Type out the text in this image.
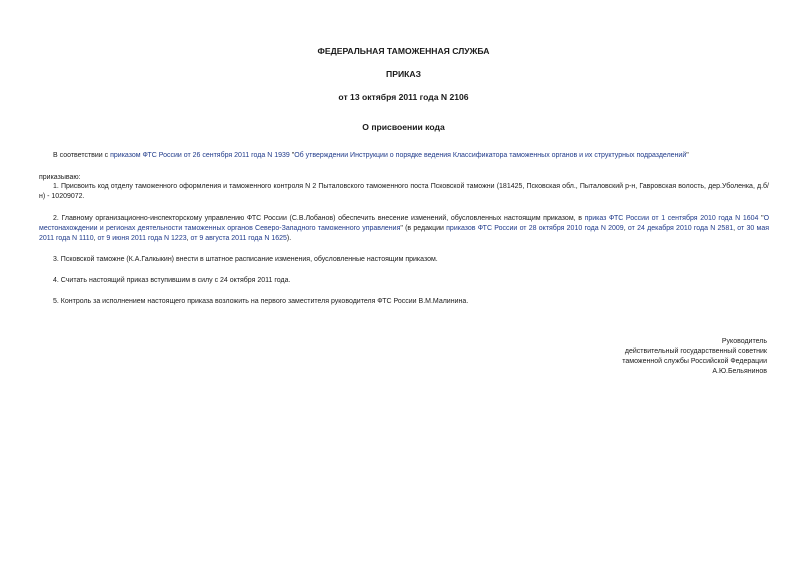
ФЕДЕРАЛЬНАЯ ТАМОЖЕННАЯ СЛУЖБА

ПРИКАЗ

от 13 октября 2011 года N 2106

О присвоении кода

В соответствии с приказом ФТС России от 26 сентября 2011 года N 1939 "Об утверждении Инструкции о порядке ведения Классификатора таможенных органов и их структурных подразделений"

приказываю:

1. Присвоить код отделу таможенного оформления и таможенного контроля N 2 Пыталовского таможенного поста Псковской таможни (181425, Псковская обл., Пыталовский р-н, Гавровская волость, дер.Уболенка, д.б/н) - 10209072.

2. Главному организационно-инспекторскому управлению ФТС России (С.В.Лобанов) обеспечить внесение изменений, обусловленных настоящим приказом, в приказ ФТС России от 1 сентября 2010 года N 1604 "О местонахождении и регионах деятельности таможенных органов Северо-Западного таможенного управления" (в редакции приказов ФТС России от 28 октября 2010 года N 2009, от 24 декабря 2010 года N 2581, от 30 мая 2011 года N 1110, от 9 июня 2011 года N 1223, от 9 августа 2011 года N 1625).

3. Псковской таможне (К.А.Галкыкин) внести в штатное расписание изменения, обусловленные настоящим приказом.

4. Считать настоящий приказ вступившим в силу с 24 октября 2011 года.

5. Контроль за исполнением настоящего приказа возложить на первого заместителя руководителя ФТС России В.М.Малинина.

Руководитель
действительный государственный советник
таможенной службы Российской Федерации
А.Ю.Бельянинов
